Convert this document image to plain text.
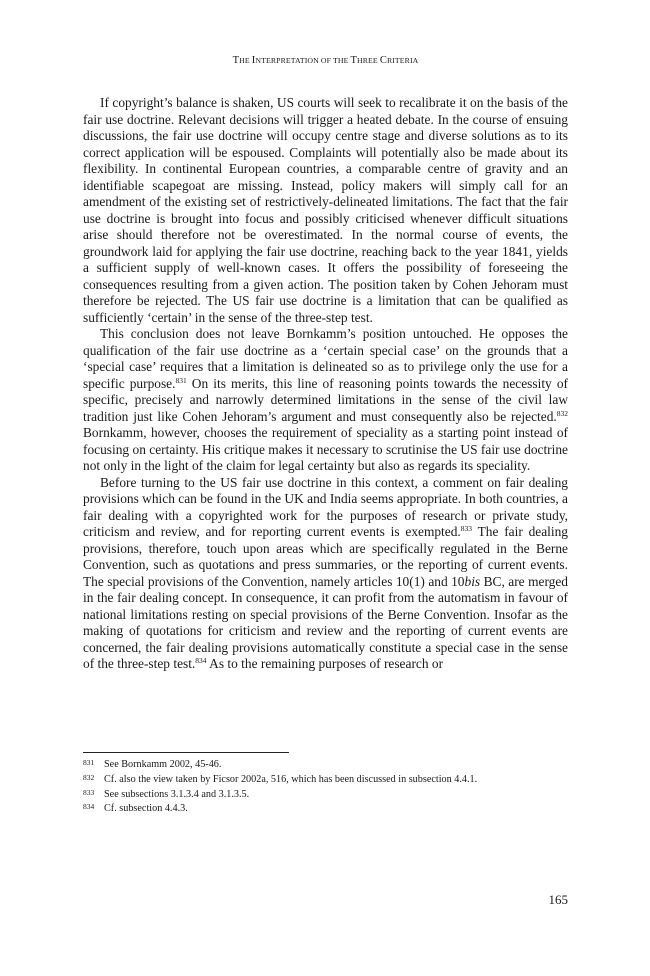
THE INTERPRETATION OF THE THREE CRITERIA

If copyright’s balance is shaken, US courts will seek to recalibrate it on the basis of the fair use doctrine. Relevant decisions will trigger a heated debate. In the course of ensuing discussions, the fair use doctrine will occupy centre stage and diverse solutions as to its correct application will be espoused. Complaints will potentially also be made about its flexibility. In continental European countries, a comparable centre of gravity and an identifiable scapegoat are missing. Instead, policy makers will simply call for an amendment of the existing set of restrictively-delineated limitations. The fact that the fair use doctrine is brought into focus and possibly criticised whenever difficult situations arise should therefore not be overestimated. In the normal course of events, the groundwork laid for applying the fair use doctrine, reaching back to the year 1841, yields a sufficient supply of well-known cases. It offers the possibility of foreseeing the consequences resulting from a given action. The position taken by Cohen Jehoram must therefore be rejected. The US fair use doctrine is a limitation that can be qualified as sufficiently ‘certain’ in the sense of the three-step test.

This conclusion does not leave Bornkamm’s position untouched. He opposes the qualification of the fair use doctrine as a ‘certain special case’ on the grounds that a ‘special case’ requires that a limitation is delineated so as to privilege only the use for a specific purpose.$^{831}$ On its merits, this line of reasoning points towards the necessity of specific, precisely and narrowly determined limitations in the sense of the civil law tradition just like Cohen Jehoram’s argument and must consequently also be rejected.$^{832}$ Bornkamm, however, chooses the requirement of speciality as a starting point instead of focusing on certainty. His critique makes it necessary to scrutinise the US fair use doctrine not only in the light of the claim for legal certainty but also as regards its speciality.

Before turning to the US fair use doctrine in this context, a comment on fair dealing provisions which can be found in the UK and India seems appropriate. In both countries, a fair dealing with a copyrighted work for the purposes of research or private study, criticism and review, and for reporting current events is exempted.$^{833}$ The fair dealing provisions, therefore, touch upon areas which are specifically regulated in the Berne Convention, such as quotations and press summaries, or the reporting of current events. The special provisions of the Convention, namely articles 10(1) and 10bis BC, are merged in the fair dealing concept. In consequence, it can profit from the automatism in favour of national limitations resting on special provisions of the Berne Convention. Insofar as the making of quotations for criticism and review and the reporting of current events are concerned, the fair dealing provisions automatically constitute a special case in the sense of the three-step test.$^{834}$ As to the remaining purposes of research or

831 See Bornkamm 2002, 45-46.
832 Cf. also the view taken by Ficsor 2002a, 516, which has been discussed in subsection 4.4.1.
833 See subsections 3.1.3.4 and 3.1.3.5.
834 Cf. subsection 4.4.3.
165
